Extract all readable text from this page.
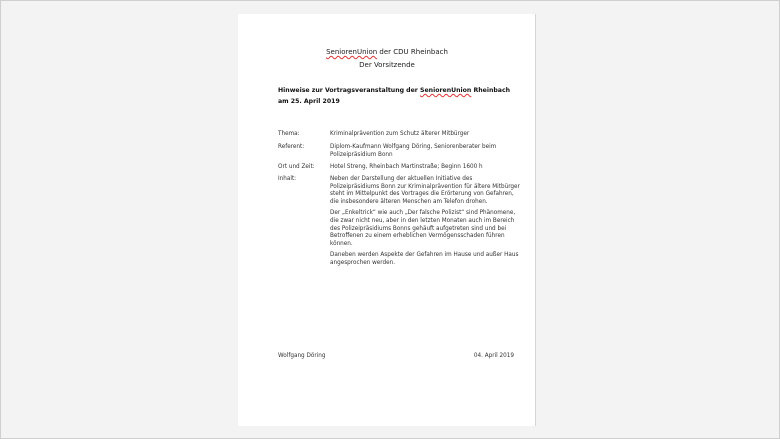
SeniorenUnion der CDU Rheinbach
Der Vorsitzende
Hinweise zur Vortragsveranstaltung der SeniorenUnion Rheinbach
am 25. April 2019
Thema:	Kriminalprävention zum Schutz älterer Mitbürger
Referent:	Diplom-Kaufmann Wolfgang Döring, Seniorenberater beim Polizeipräsidium Bonn
Ort und Zeit:	Hotel Streng, Rheinbach Martinstraße; Beginn 1600 h
Inhalt:	Neben der Darstellung der aktuellen Initiative des Polizeipräsidiums Bonn zur Kriminalprävention für ältere Mitbürger steht im Mittelpunkt des Vortrages die Erörterung von Gefahren, die insbesondere älteren Menschen am Telefon drohen.

Der „Enkeltrick“ wie auch „Der falsche Polizist“ sind Phänomene, die zwar nicht neu, aber in den letzten Monaten auch im Bereich des Polizeipräsidiums Bonns gehäuft aufgetreten sind und bei Betroffenen zu einem erheblichen Vermögensschaden führen können.

Daneben werden Aspekte der Gefahren im Hause und außer Haus angesprochen werden.

Wolfgang Döring	04. April 2019
